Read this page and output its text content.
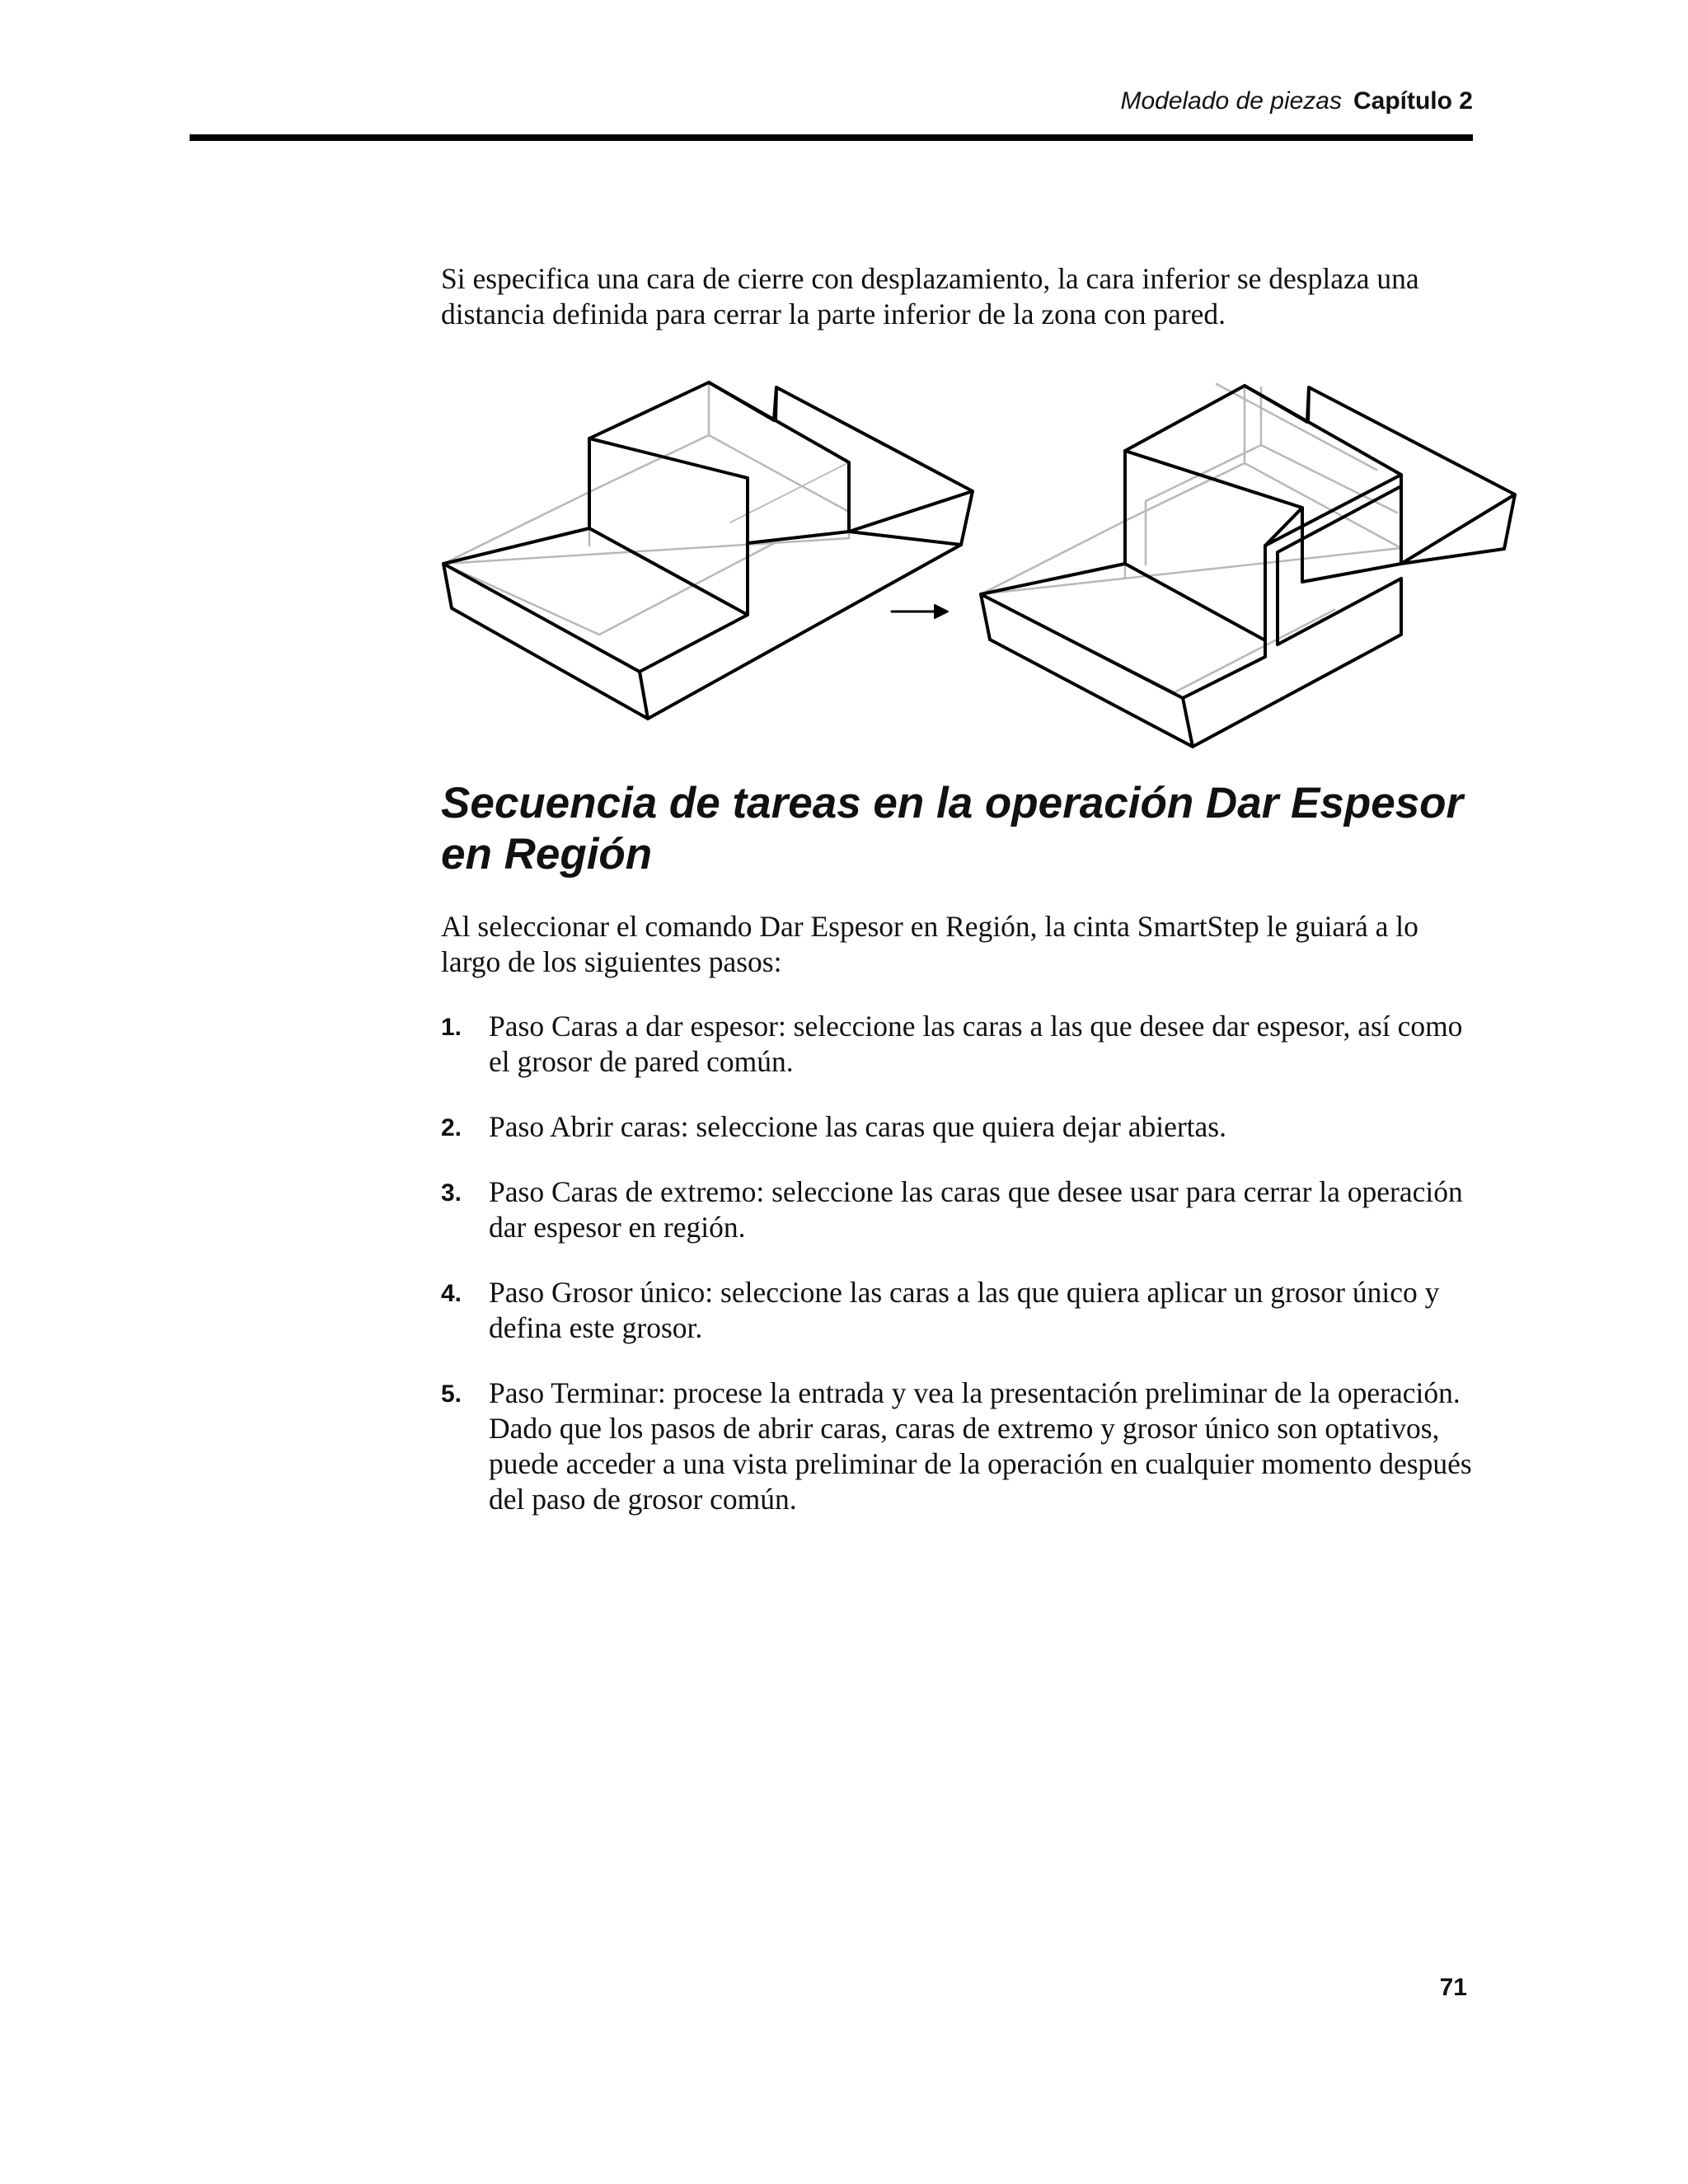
Modelado de piezas Capítulo 2

Si especifica una cara de cierre con desplazamiento, la cara inferior se desplaza una distancia definida para cerrar la parte inferior de la zona con pared.

Secuencia de tareas en la operación Dar Espesor en Región

Al seleccionar el comando Dar Espesor en Región, la cinta SmartStep le guiará a lo largo de los siguientes pasos:

1. Paso Caras a dar espesor: seleccione las caras a las que desee dar espesor, así como el grosor de pared común.
2. Paso Abrir caras: seleccione las caras que quiera dejar abiertas.
3. Paso Caras de extremo: seleccione las caras que desee usar para cerrar la operación dar espesor en región.
4. Paso Grosor único: seleccione las caras a las que quiera aplicar un grosor único y defina este grosor.
5. Paso Terminar: procese la entrada y vea la presentación preliminar de la operación. Dado que los pasos de abrir caras, caras de extremo y grosor único son optativos, puede acceder a una vista preliminar de la operación en cualquier momento después del paso de grosor común.
71
